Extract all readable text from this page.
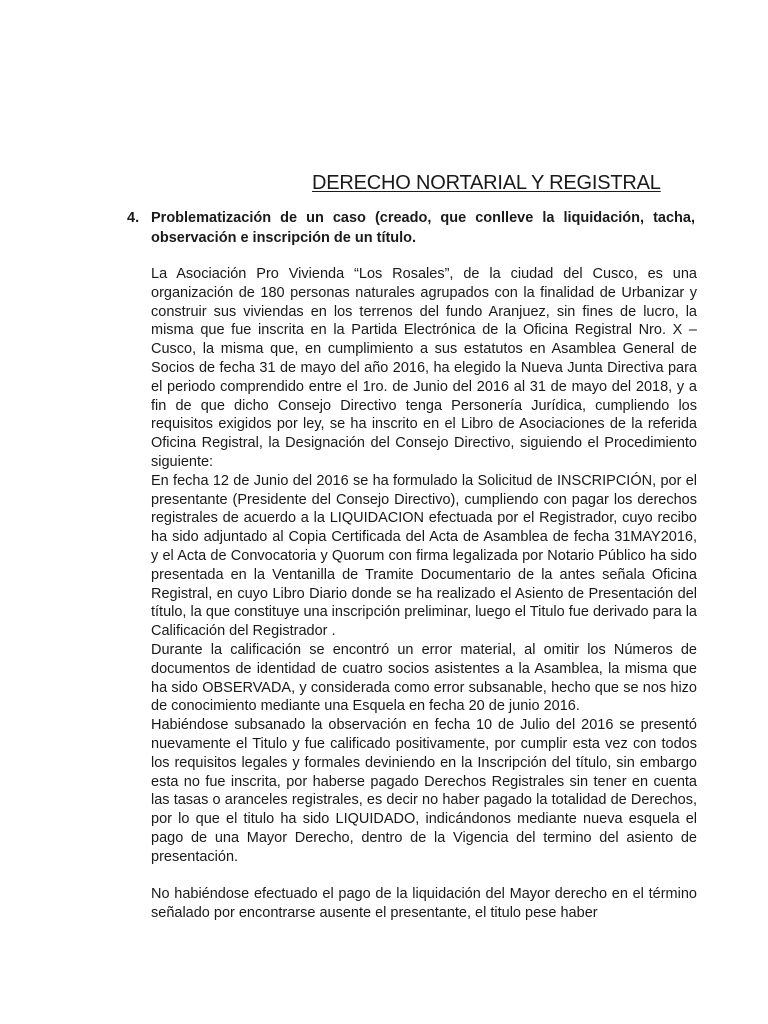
DERECHO NORTARIAL Y REGISTRAL
4. Problematización de un caso (creado, que conlleve la liquidación, tacha, observación e inscripción de un título.

La Asociación Pro Vivienda “Los Rosales”, de la ciudad del Cusco, es una organización de 180 personas naturales agrupados con la finalidad de Urbanizar y construir sus viviendas en los terrenos del fundo Aranjuez, sin fines de lucro, la misma que fue inscrita en la Partida Electrónica de la Oficina Registral Nro. X – Cusco, la misma que, en cumplimiento a sus estatutos en Asamblea General de Socios de fecha 31 de mayo del año 2016, ha elegido la Nueva Junta Directiva para el periodo comprendido entre el 1ro. de Junio del 2016 al 31 de mayo del 2018, y a fin de que dicho Consejo Directivo tenga Personería Jurídica, cumpliendo los requisitos exigidos por ley, se ha inscrito en el Libro de Asociaciones de la referida Oficina Registral, la Designación del Consejo Directivo, siguiendo el Procedimiento siguiente:

En fecha 12 de Junio del 2016 se ha formulado la Solicitud de INSCRIPCIÓN, por el presentante (Presidente del Consejo Directivo), cumpliendo con pagar los derechos registrales de acuerdo a la LIQUIDACION efectuada por el Registrador, cuyo recibo ha sido adjuntado al Copia Certificada del Acta de Asamblea de fecha 31MAY2016, y el Acta de Convocatoria y Quorum con firma legalizada por Notario Público ha sido presentada en la Ventanilla de Tramite Documentario de la antes señala Oficina Registral, en cuyo Libro Diario donde se ha realizado el Asiento de Presentación del título, la que constituye una inscripción preliminar, luego el Titulo fue derivado para la Calificación del Registrador .

Durante la calificación se encontró un error material, al omitir los Números de documentos de identidad de cuatro socios asistentes a la Asamblea, la misma que ha sido OBSERVADA, y considerada como error subsanable, hecho que se nos hizo de conocimiento mediante una Esquela en fecha 20 de junio 2016.

Habiéndose subsanado la observación en fecha 10 de Julio del 2016 se presentó nuevamente el Titulo y fue calificado positivamente, por cumplir esta vez con todos los requisitos legales y formales deviniendo en la Inscripción del título, sin embargo esta no fue inscrita, por haberse pagado Derechos Registrales sin tener en cuenta las tasas o aranceles registrales, es decir no haber pagado la totalidad de Derechos, por lo que el titulo ha sido LIQUIDADO, indicándonos mediante nueva esquela el pago de una Mayor Derecho, dentro de la Vigencia del termino del asiento de presentación.

No habiéndose efectuado el pago de la liquidación del Mayor derecho en el término señalado por encontrarse ausente el presentante, el titulo pese haber
